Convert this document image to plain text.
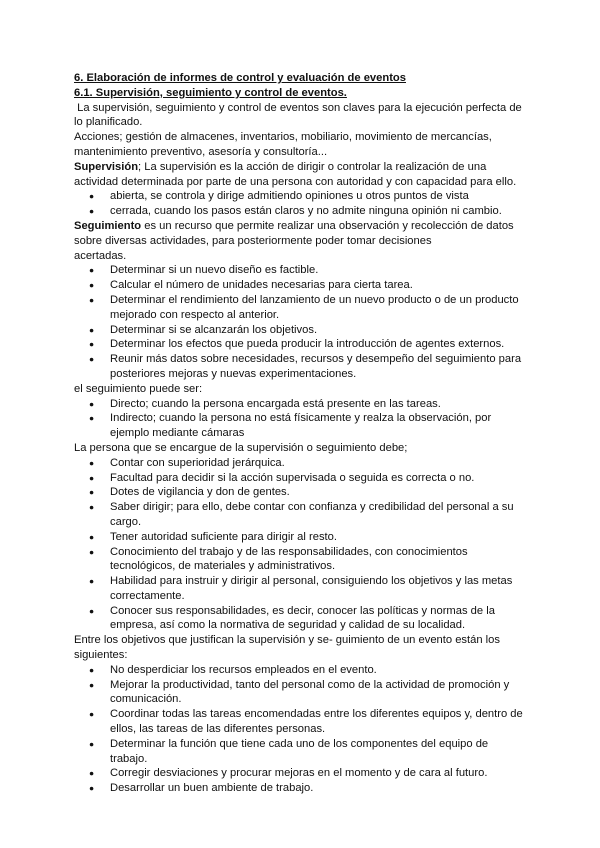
6. Elaboración de informes de control y evaluación de eventos

6.1. Supervisión, seguimiento y control de eventos.

La supervisión, seguimiento y control de eventos son claves para la ejecución perfecta de lo planificado.

Acciones; gestión de almacenes, inventarios, mobiliario, movimiento de mercancías, mantenimiento preventivo, asesoría y consultoría...

Supervisión; La supervisión es la acción de dirigir o controlar la realización de una actividad determinada por parte de una persona con autoridad y con capacidad para ello.

● abierta, se controla y dirige admitiendo opiniones u otros puntos de vista
● cerrada, cuando los pasos están claros y no admite ninguna opinión ni cambio.

Seguimiento es un recurso que permite realizar una observación y recolección de datos sobre diversas actividades, para posteriormente poder tomar decisiones

acertadas.

● Determinar si un nuevo diseño es factible.
● Calcular el número de unidades necesarias para cierta tarea.
● Determinar el rendimiento del lanzamiento de un nuevo producto o de un producto mejorado con respecto al anterior.
● Determinar si se alcanzarán los objetivos.
● Determinar los efectos que pueda producir la introducción de agentes externos.
● Reunir más datos sobre necesidades, recursos y desempeño del seguimiento para posteriores mejoras y nuevas experimentaciones.

el seguimiento puede ser:

● Directo; cuando la persona encargada está presente en las tareas.
● Indirecto; cuando la persona no está físicamente y realza la observación, por ejemplo mediante cámaras

La persona que se encargue de la supervisión o seguimiento debe;

● Contar con superioridad jerárquica.
● Facultad para decidir si la acción supervisada o seguida es correcta o no.
● Dotes de vigilancia y don de gentes.
● Saber dirigir; para ello, debe contar con confianza y credibilidad del personal a su cargo.
● Tener autoridad suficiente para dirigir al resto.
● Conocimiento del trabajo y de las responsabilidades, con conocimientos tecnológicos, de materiales y administrativos.
● Habilidad para instruir y dirigir al personal, consiguiendo los objetivos y las metas correctamente.
● Conocer sus responsabilidades, es decir, conocer las políticas y normas de la empresa, así como la normativa de seguridad y calidad de su localidad.

Entre los objetivos que justifican la supervisión y se- guimiento de un evento están los siguientes:

● No desperdiciar los recursos empleados en el evento.
● Mejorar la productividad, tanto del personal como de la actividad de promoción y comunicación.
● Coordinar todas las tareas encomendadas entre los diferentes equipos y, dentro de ellos, las tareas de las diferentes personas.
● Determinar la función que tiene cada uno de los componentes del equipo de trabajo.
● Corregir desviaciones y procurar mejoras en el momento y de cara al futuro.
● Desarrollar un buen ambiente de trabajo.
